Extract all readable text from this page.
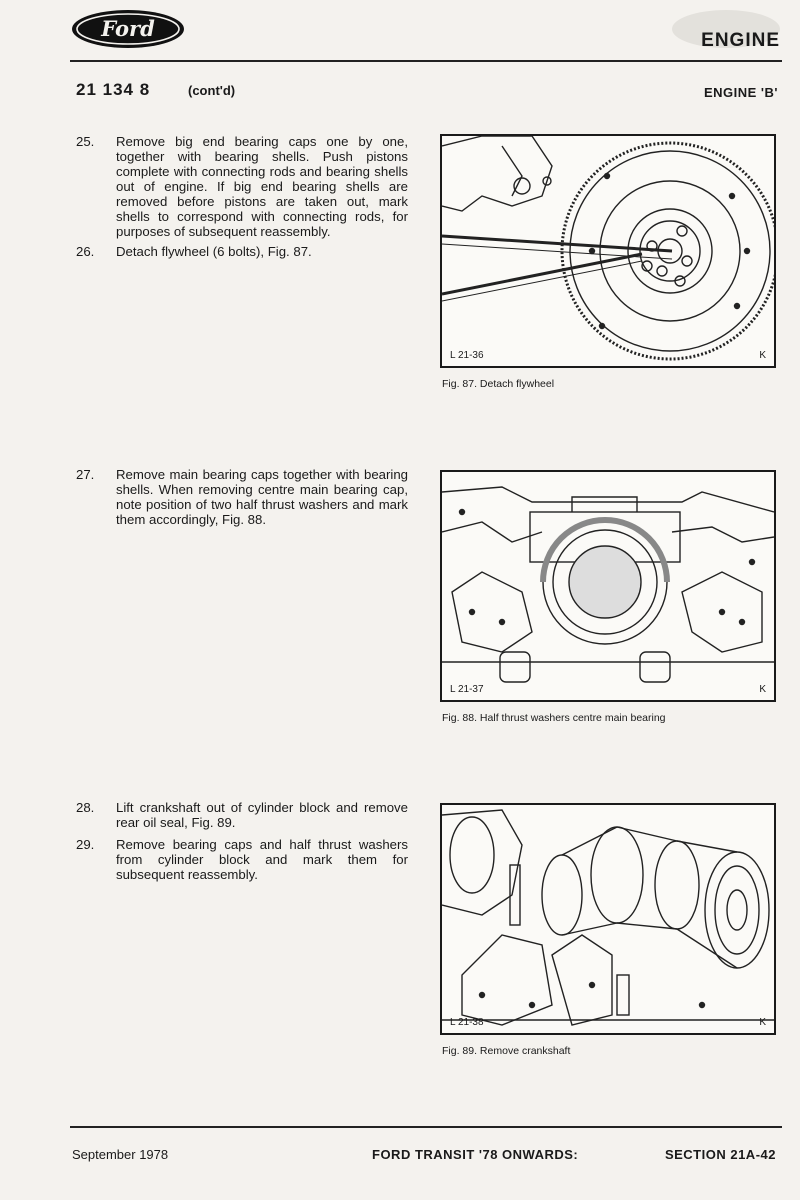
Ford	ENGINE
21 134 8	(cont'd)	ENGINE 'B'
25. Remove big end bearing caps one by one, together with bearing shells. Push pistons complete with connecting rods and bearing shells out of engine. If big end bearing shells are removed before pistons are taken out, mark shells to correspond with connecting rods, for purposes of subsequent reassembly.
26. Detach flywheel (6 bolts), Fig. 87.
27. Remove main bearing caps together with bearing shells. When removing centre main bearing cap, note position of two half thrust washers and mark them accordingly, Fig. 88.
28. Lift crankshaft out of cylinder block and remove rear oil seal, Fig. 89.
29. Remove bearing caps and half thrust washers from cylinder block and mark them for subsequent reassembly.
L 21-36	K
Fig. 87. Detach flywheel
L 21-37	K
Fig. 88. Half thrust washers centre main bearing
L 21-38	K
Fig. 89. Remove crankshaft
September 1978	FORD TRANSIT '78 ONWARDS:	SECTION 21A-42
